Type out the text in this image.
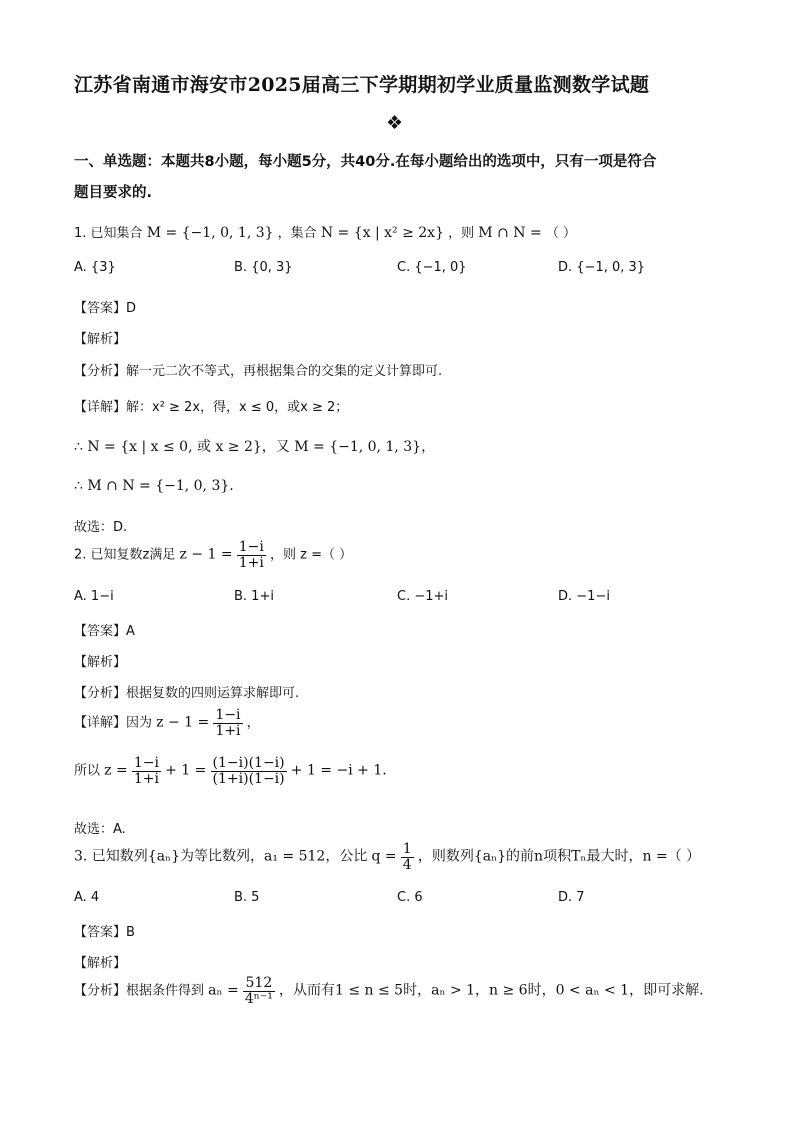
江苏省南通市海安市2025届高三下学期期初学业质量监测数学试题
❖
一、单选题：本题共8小题，每小题5分，共40分.在每小题给出的选项中，只有一项是符合
题目要求的.
1. 已知集合 M = {−1, 0, 1, 3} ，集合 N = {x | x² ≥ 2x} ，则 M ∩ N = （ ）
A. {3}	B. {0, 3}	C. {−1, 0}	D. {−1, 0, 3}
【答案】D
【解析】
【分析】解一元二次不等式，再根据集合的交集的定义计算即可.
【详解】解：x² ≥ 2x，得，x ≤ 0，或x ≥ 2；
∴ N = {x | x ≤ 0, 或 x ≥ 2}，又 M = {−1, 0, 1, 3}，
∴ M ∩ N = {−1, 0, 3}.
故选：D.
2. 已知复数z满足 $z - 1 = \frac{1-i}{1+i}$ ，则 z =（ ）
A. 1−i	B. 1+i	C. −1+i	D. −1−i
【答案】A
【解析】
【分析】根据复数的四则运算求解即可.
【详解】因为 $z - 1 = \frac{1-i}{1+i}$ ，
所以 $z = \frac{1-i}{1+i} + 1 = \frac{(1-i)(1-i)}{(1+i)(1-i)} + 1 = -i + 1$.
故选：A.
3. 已知数列{aₙ}为等比数列，a₁ = 512，公比 $q = \frac{1}{4}$ ，则数列{aₙ}的前n项积Tₙ最大时，n =（ ）
A. 4	B. 5	C. 6	D. 7
【答案】B
【解析】
【分析】根据条件得到 $a_n = \frac{512}{\text{4ⁿ⁻¹}}$ ，从而有1 ≤ n ≤ 5时，aₙ > 1，n ≥ 6时，0 < aₙ < 1，即可求解.
